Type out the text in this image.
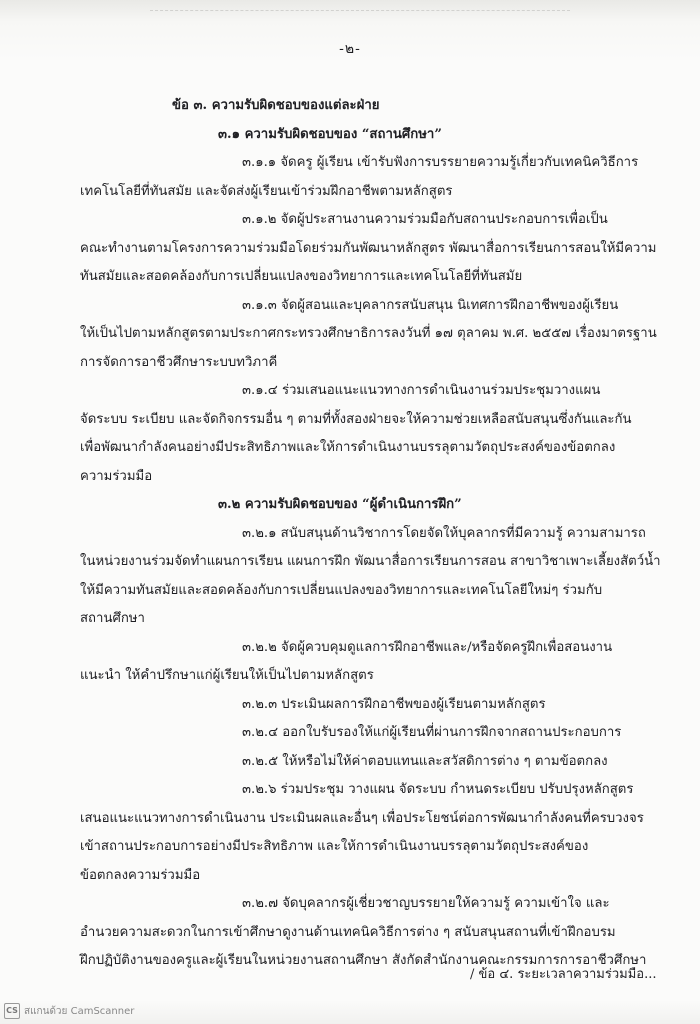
-๒-
ข้อ ๓. ความรับผิดชอบของแต่ละฝ่าย
๓.๑ ความรับผิดชอบของ “สถานศึกษา”
๓.๑.๑ จัดครู ผู้เรียน เข้ารับฟังการบรรยายความรู้เกี่ยวกับเทคนิควิธีการ
เทคโนโลยีที่ทันสมัย และจัดส่งผู้เรียนเข้าร่วมฝึกอาชีพตามหลักสูตร
๓.๑.๒ จัดผู้ประสานงานความร่วมมือกับสถานประกอบการเพื่อเป็น
คณะทำงานตามโครงการความร่วมมือโดยร่วมกันพัฒนาหลักสูตร พัฒนาสื่อการเรียนการสอนให้มีความ
ทันสมัยและสอดคล้องกับการเปลี่ยนแปลงของวิทยาการและเทคโนโลยีที่ทันสมัย
๓.๑.๓ จัดผู้สอนและบุคลากรสนับสนุน นิเทศการฝึกอาชีพของผู้เรียน
ให้เป็นไปตามหลักสูตรตามประกาศกระทรวงศึกษาธิการลงวันที่ ๑๗ ตุลาคม พ.ศ. ๒๕๕๗ เรื่องมาตรฐาน
การจัดการอาชีวศึกษาระบบทวิภาคี
๓.๑.๔ ร่วมเสนอแนะแนวทางการดำเนินงานร่วมประชุมวางแผน
จัดระบบ ระเบียบ และจัดกิจกรรมอื่น ๆ ตามที่ทั้งสองฝ่ายจะให้ความช่วยเหลือสนับสนุนซึ่งกันและกัน
เพื่อพัฒนากำลังคนอย่างมีประสิทธิภาพและให้การดำเนินงานบรรลุตามวัตถุประสงค์ของข้อตกลง
ความร่วมมือ
๓.๒ ความรับผิดชอบของ “ผู้ดำเนินการฝึก”
๓.๒.๑ สนับสนุนด้านวิชาการโดยจัดให้บุคลากรที่มีความรู้ ความสามารถ
ในหน่วยงานร่วมจัดทำแผนการเรียน แผนการฝึก พัฒนาสื่อการเรียนการสอน สาขาวิชาเพาะเลี้ยงสัตว์น้ำ
ให้มีความทันสมัยและสอดคล้องกับการเปลี่ยนแปลงของวิทยาการและเทคโนโลยีใหม่ๆ ร่วมกับ
สถานศึกษา
๓.๒.๒ จัดผู้ควบคุมดูแลการฝึกอาชีพและ/หรือจัดครูฝึกเพื่อสอนงาน
แนะนำ ให้คำปรึกษาแก่ผู้เรียนให้เป็นไปตามหลักสูตร
๓.๒.๓ ประเมินผลการฝึกอาชีพของผู้เรียนตามหลักสูตร
๓.๒.๔ ออกใบรับรองให้แก่ผู้เรียนที่ผ่านการฝึกจากสถานประกอบการ
๓.๒.๕ ให้หรือไม่ให้ค่าตอบแทนและสวัสดิการต่าง ๆ ตามข้อตกลง
๓.๒.๖ ร่วมประชุม วางแผน จัดระบบ กำหนดระเบียบ ปรับปรุงหลักสูตร
เสนอแนะแนวทางการดำเนินงาน ประเมินผลและอื่นๆ เพื่อประโยชน์ต่อการพัฒนากำลังคนที่ครบวงจร
เข้าสถานประกอบการอย่างมีประสิทธิภาพ และให้การดำเนินงานบรรลุตามวัตถุประสงค์ของ
ข้อตกลงความร่วมมือ
๓.๒.๗ จัดบุคลากรผู้เชี่ยวชาญบรรยายให้ความรู้ ความเข้าใจ และ
อำนวยความสะดวกในการเข้าศึกษาดูงานด้านเทคนิควิธีการต่าง ๆ สนับสนุนสถานที่เข้าฝึกอบรม
ฝึกปฏิบัติงานของครูและผู้เรียนในหน่วยงานสถานศึกษา สังกัดสำนักงานคณะกรรมการการอาชีวศึกษา
/ ข้อ ๔. ระยะเวลาความร่วมมือ...
CS สแกนด้วย CamScanner
